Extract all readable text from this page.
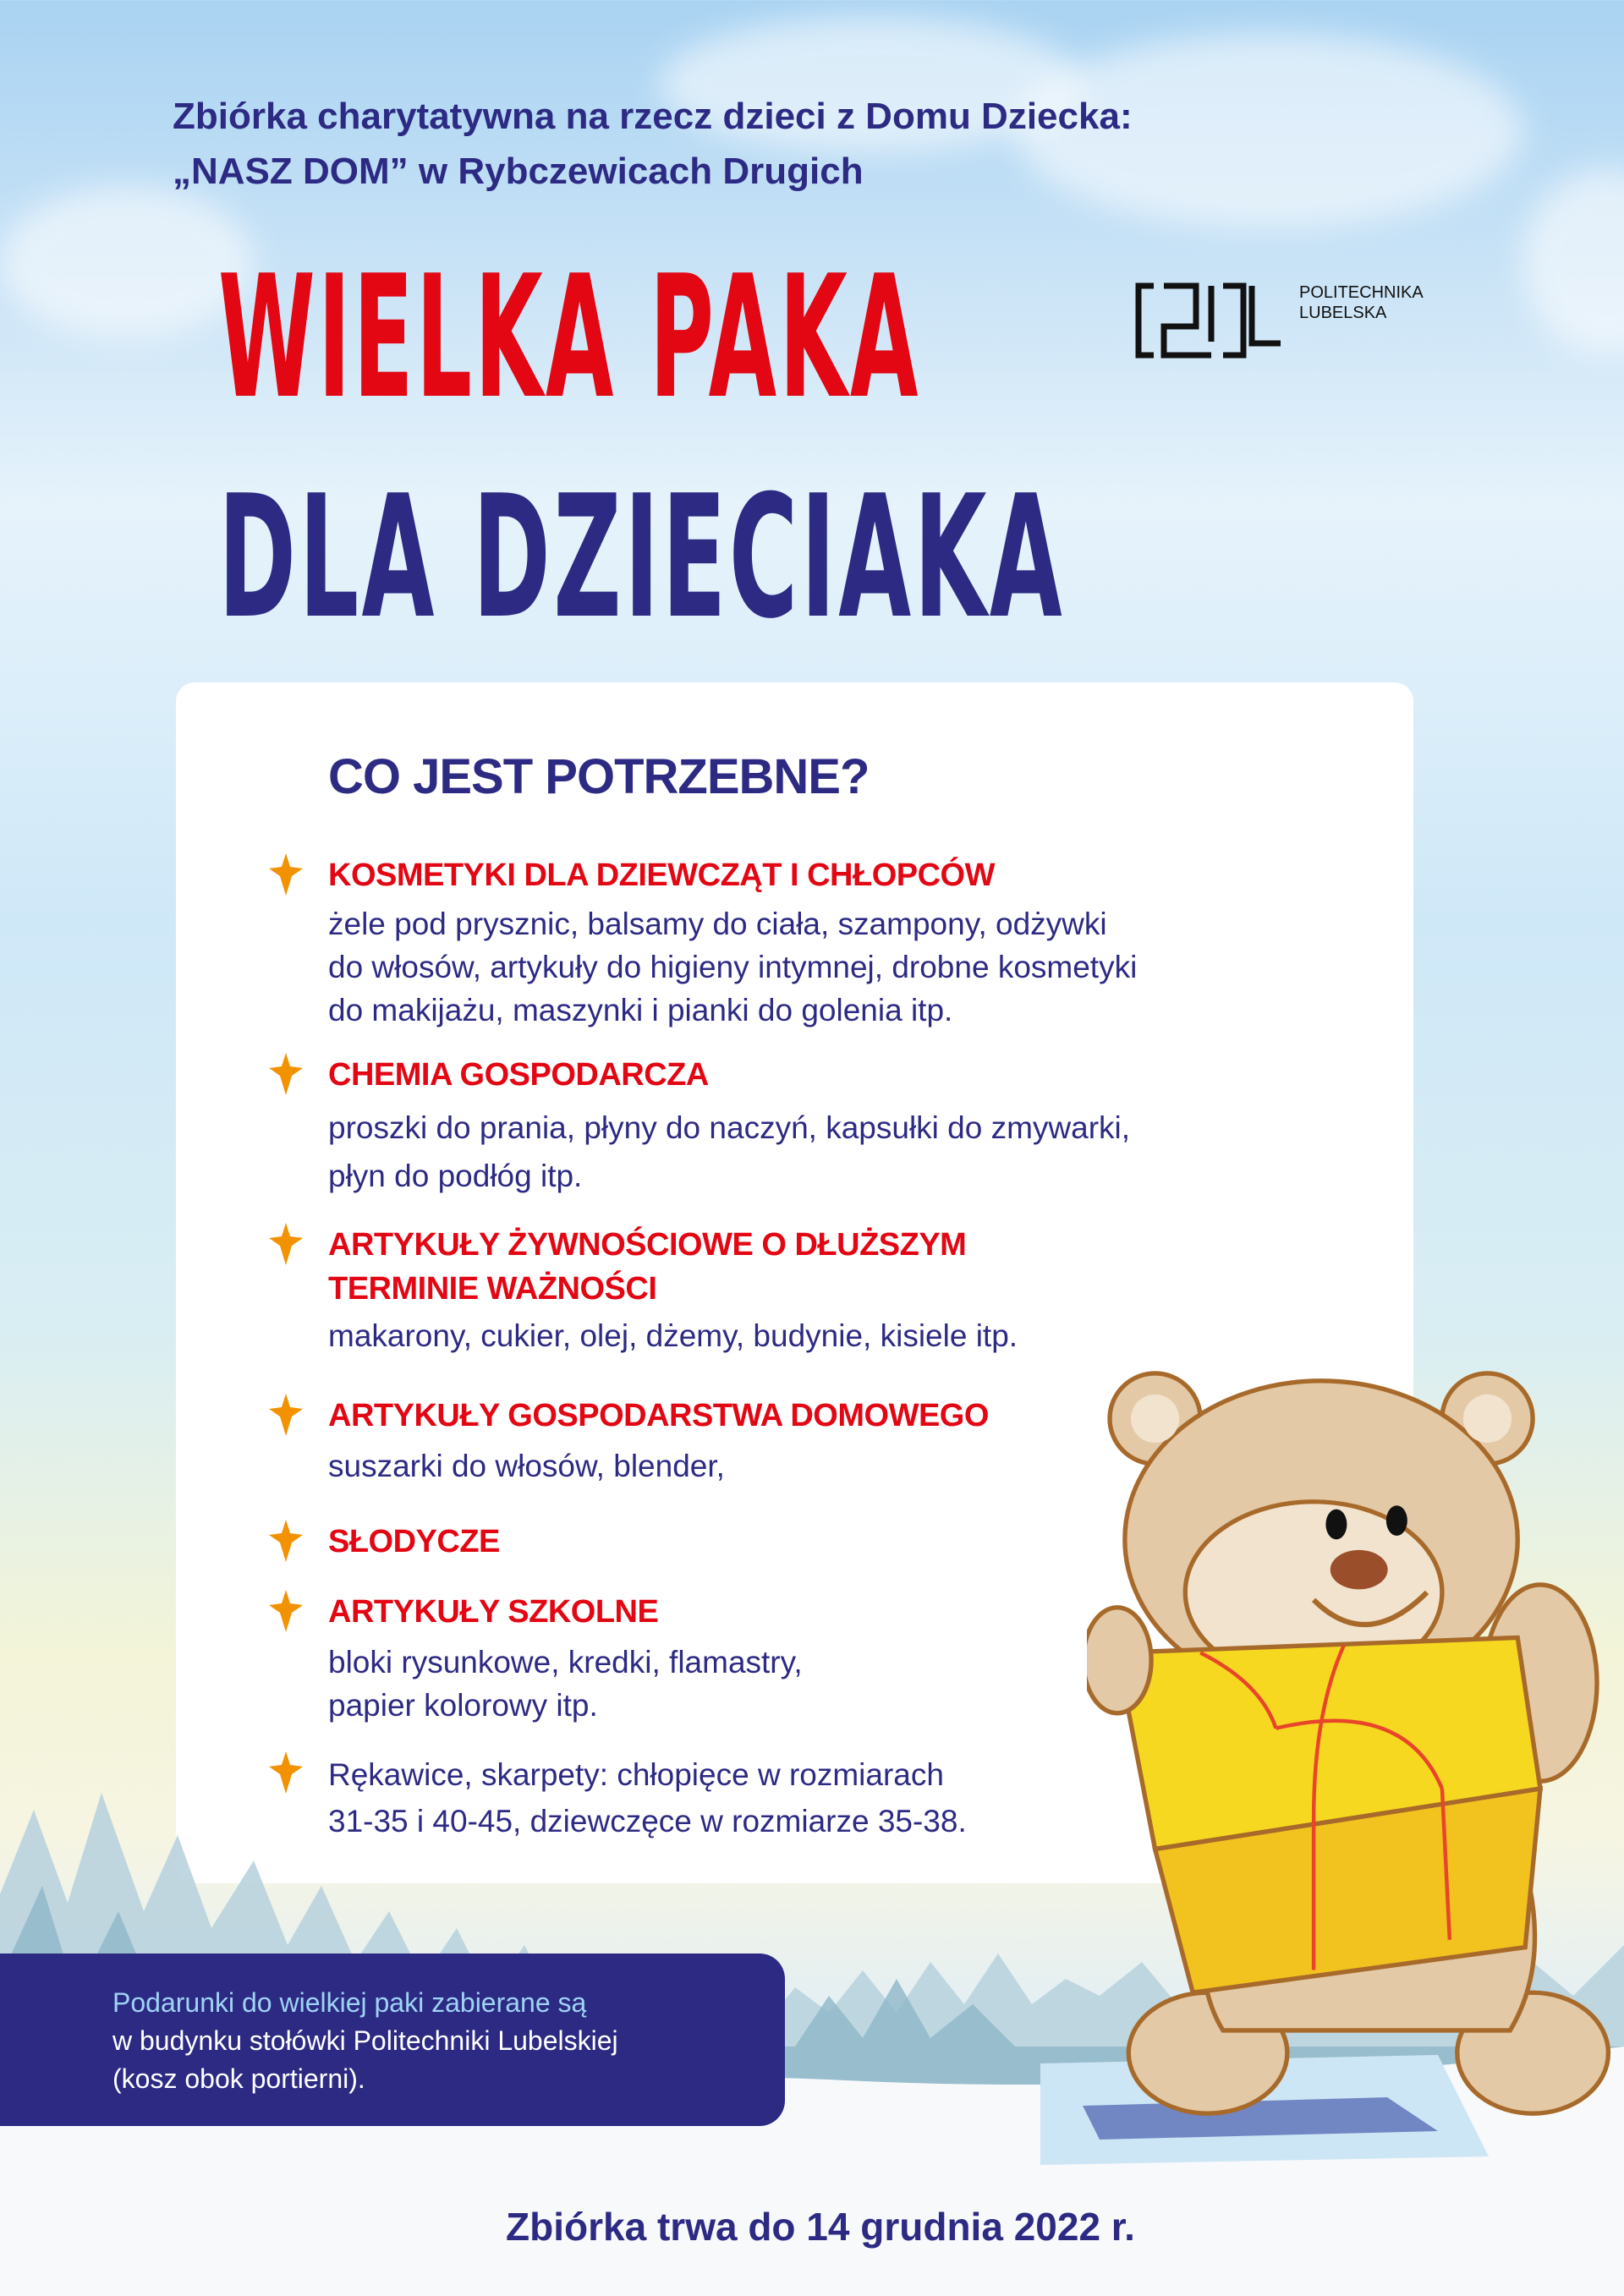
Zbiórka charytatywna na rzecz dzieci z Domu Dziecka:
„NASZ DOM” w Rybczewicach Drugich
WIELKA PAKA
DLA DZIECIAKA
POLITECHNIKA
LUBELSKA
CO JEST POTRZEBNE?
KOSMETYKI DLA DZIEWCZĄT I CHŁOPCÓW
żele pod prysznic, balsamy do ciała, szampony, odżywki
do włosów, artykuły do higieny intymnej, drobne kosmetyki
do makijażu, maszynki i pianki do golenia itp.
CHEMIA GOSPODARCZA
proszki do prania, płyny do naczyń, kapsułki do zmywarki,
płyn do podłóg itp.
ARTYKUŁY ŻYWNOŚCIOWE O DŁUŻSZYM
TERMINIE WAŻNOŚCI
makarony, cukier, olej, dżemy, budynie, kisiele itp.
ARTYKUŁY GOSPODARSTWA DOMOWEGO
suszarki do włosów, blender,
SŁODYCZE
ARTYKUŁY SZKOLNE
bloki rysunkowe, kredki, flamastry,
papier kolorowy itp.
Rękawice, skarpety: chłopięce w rozmiarach
31-35 i 40-45, dziewczęce w rozmiarze 35-38.

Podarunki do wielkiej paki zabierane są

w budynku stołówki Politechniki Lubelskiej

(kosz obok portierni).

Zbiórka trwa do 14 grudnia 2022 r.
